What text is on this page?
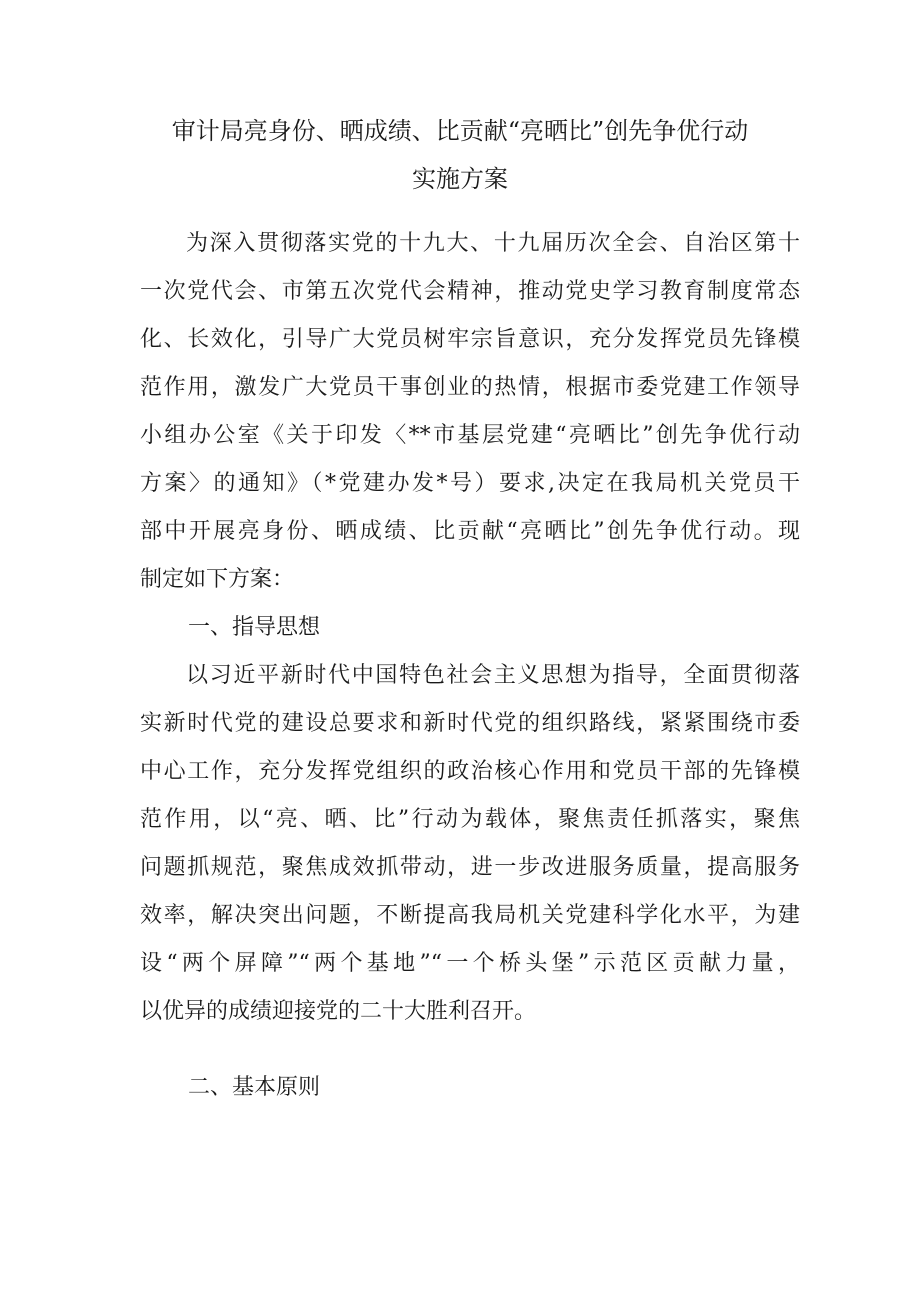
审计局亮身份、晒成绩、比贡献“亮晒比”创先争优行动
实施方案
为深入贯彻落实党的十九大、十九届历次全会、自治区第十
一次党代会、市第五次党代会精神，推动党史学习教育制度常态
化、长效化，引导广大党员树牢宗旨意识，充分发挥党员先锋模
范作用，激发广大党员干事创业的热情，根据市委党建工作领导
小组办公室《关于印发〈**市基层党建“亮晒比”创先争优行动
方案〉的通知》（*党建办发*号）要求,决定在我局机关党员干
部中开展亮身份、晒成绩、比贡献“亮晒比”创先争优行动。现
制定如下方案：
一、指导思想
以习近平新时代中国特色社会主义思想为指导，全面贯彻落
实新时代党的建设总要求和新时代党的组织路线，紧紧围绕市委
中心工作，充分发挥党组织的政治核心作用和党员干部的先锋模
范作用，以“亮、晒、比”行动为载体，聚焦责任抓落实，聚焦
问题抓规范，聚焦成效抓带动，进一步改进服务质量，提高服务
效率，解决突出问题，不断提高我局机关党建科学化水平，为建
设“两个屏障”“两个基地”“一个桥头堡”示范区贡献力量，
以优异的成绩迎接党的二十大胜利召开。
二、基本原则
